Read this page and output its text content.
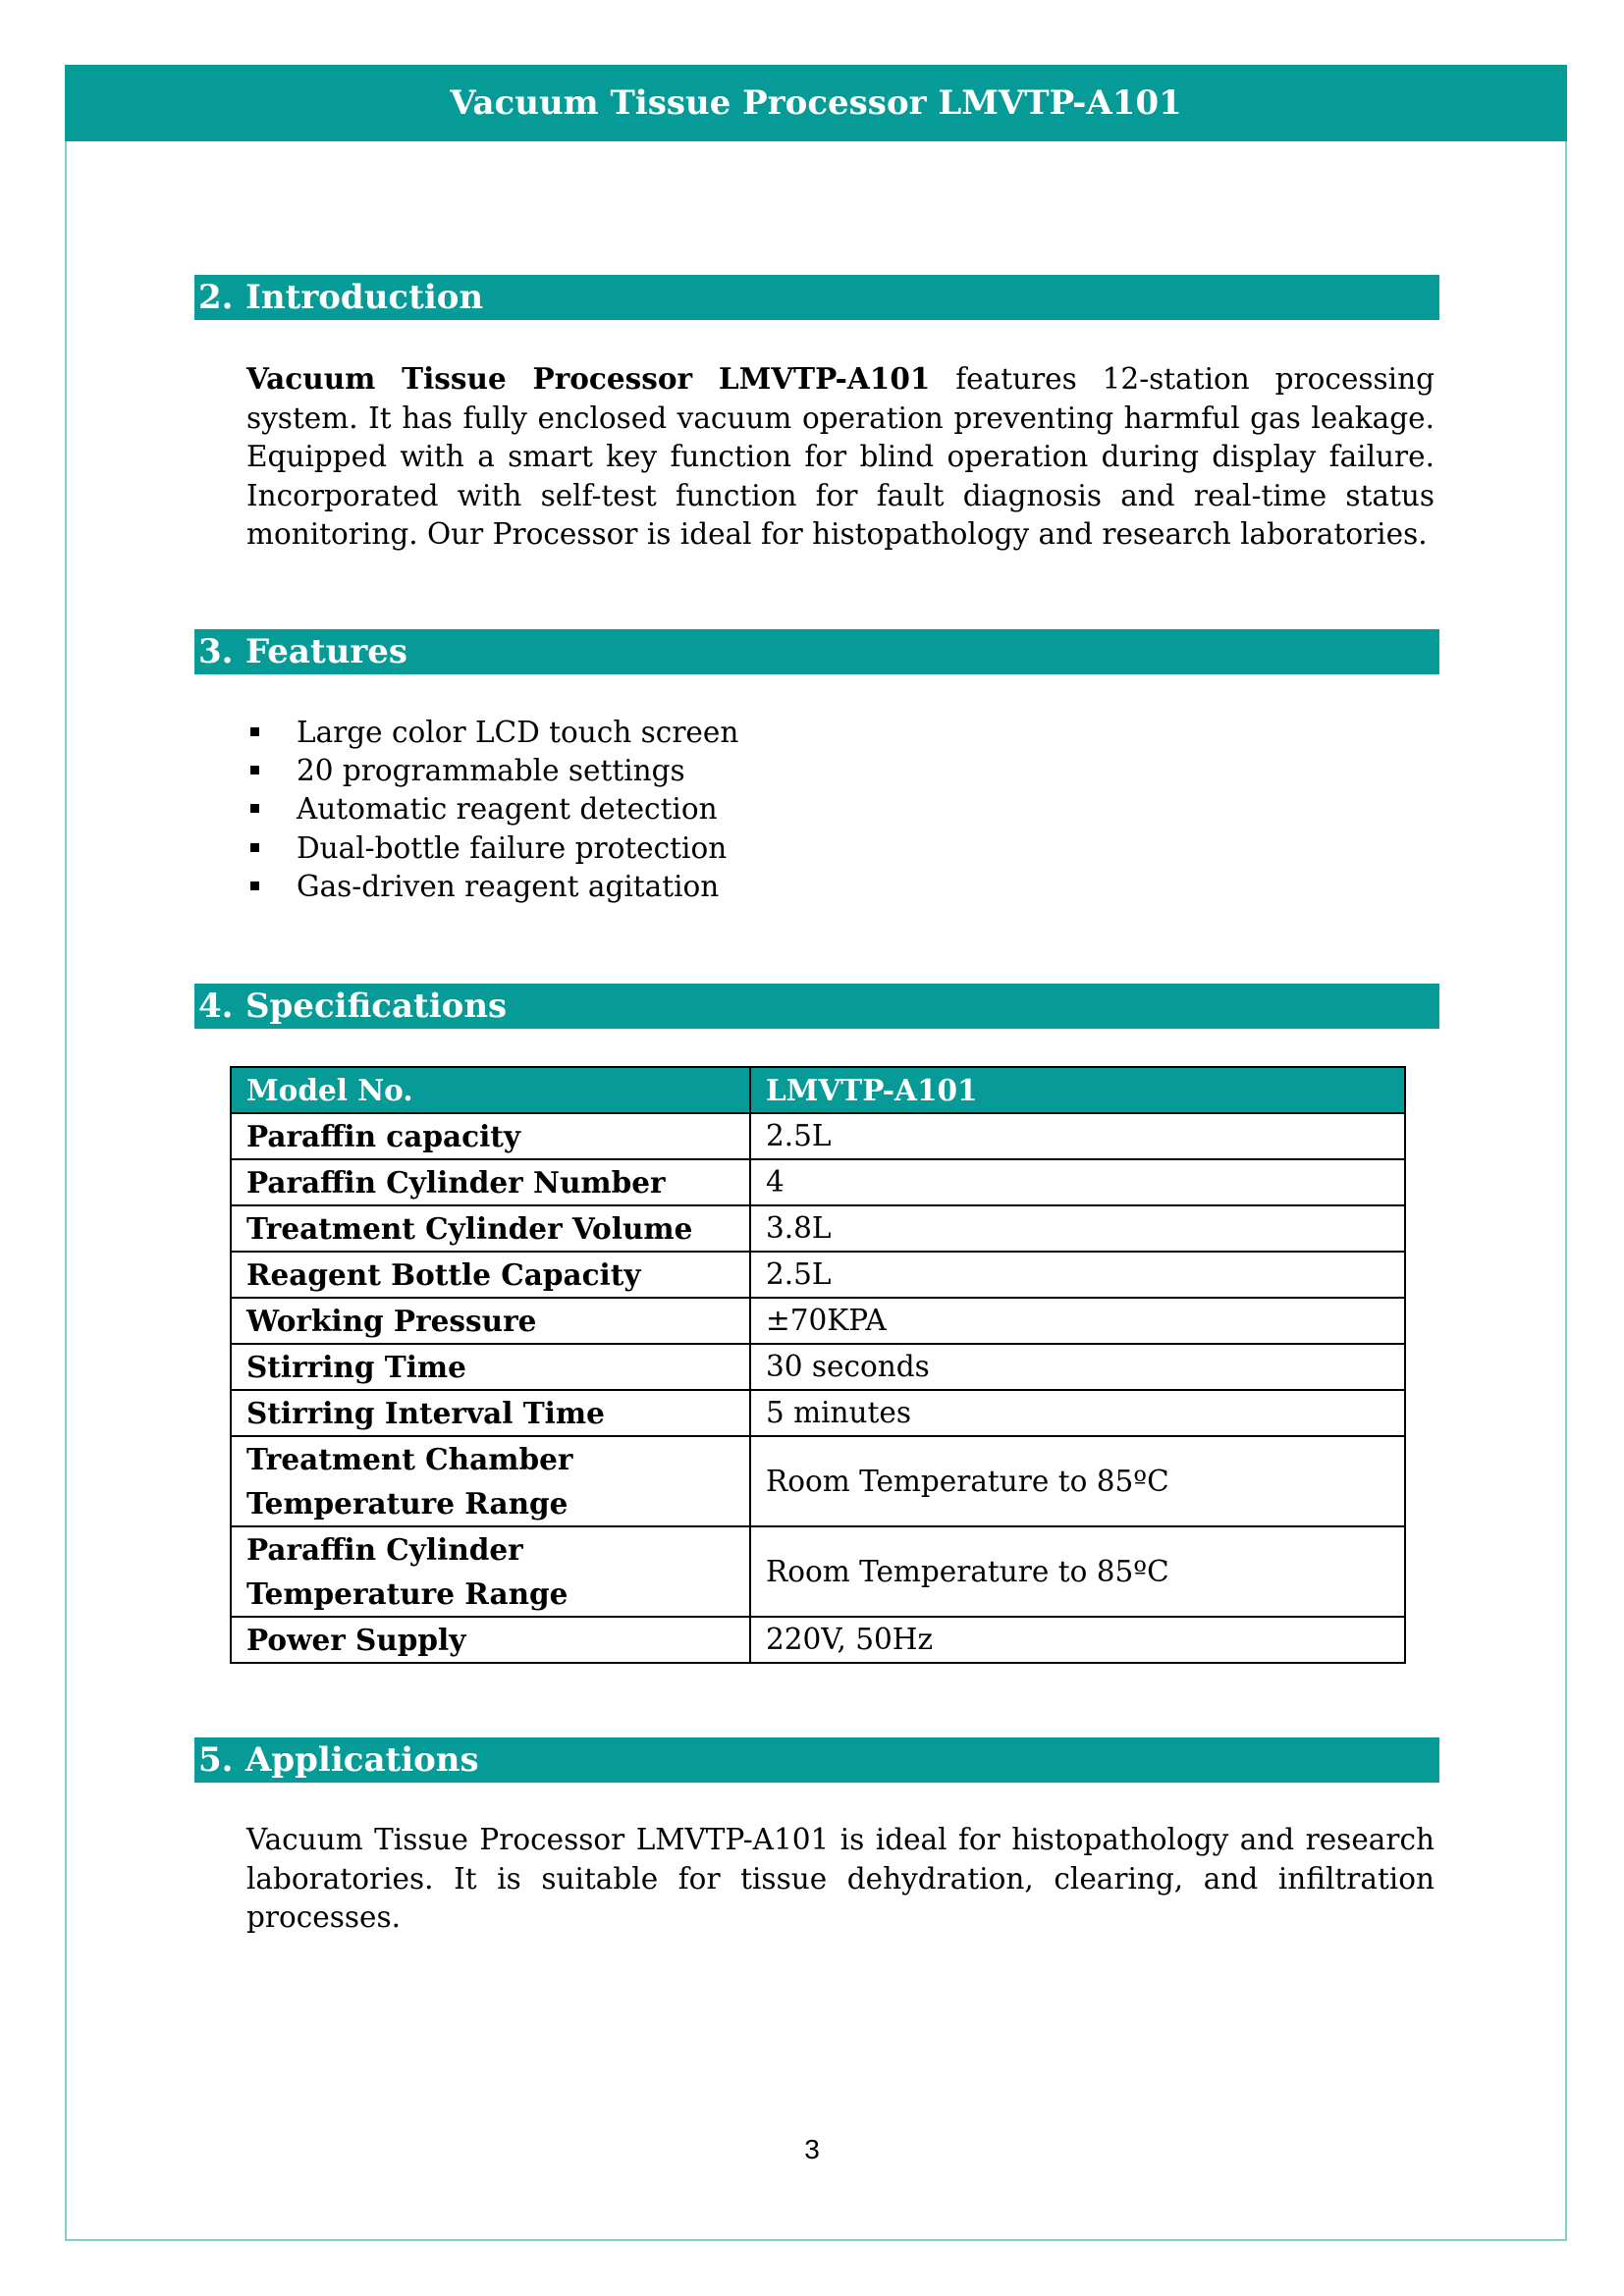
Vacuum Tissue Processor LMVTP-A101
2. Introduction
Vacuum Tissue Processor LMVTP-A101 features 12-station processing system. It has fully enclosed vacuum operation preventing harmful gas leakage. Equipped with a smart key function for blind operation during display failure. Incorporated with self-test function for fault diagnosis and real-time status monitoring. Our Processor is ideal for histopathology and research laboratories.
3. Features
Large color LCD touch screen
20 programmable settings
Automatic reagent detection
Dual-bottle failure protection
Gas-driven reagent agitation
4. Specifications
Model No.	LMVTP-A101
Paraffin capacity	2.5L
Paraffin Cylinder Number	4
Treatment Cylinder Volume	3.8L
Reagent Bottle Capacity	2.5L
Working Pressure	±70KPA
Stirring Time	30 seconds
Stirring Interval Time	5 minutes
Treatment Chamber Temperature Range	Room Temperature to 85ºC
Paraffin Cylinder Temperature Range	Room Temperature to 85ºC
Power Supply	220V, 50Hz
5. Applications
Vacuum Tissue Processor LMVTP-A101 is ideal for histopathology and research laboratories. It is suitable for tissue dehydration, clearing, and infiltration processes.
3
